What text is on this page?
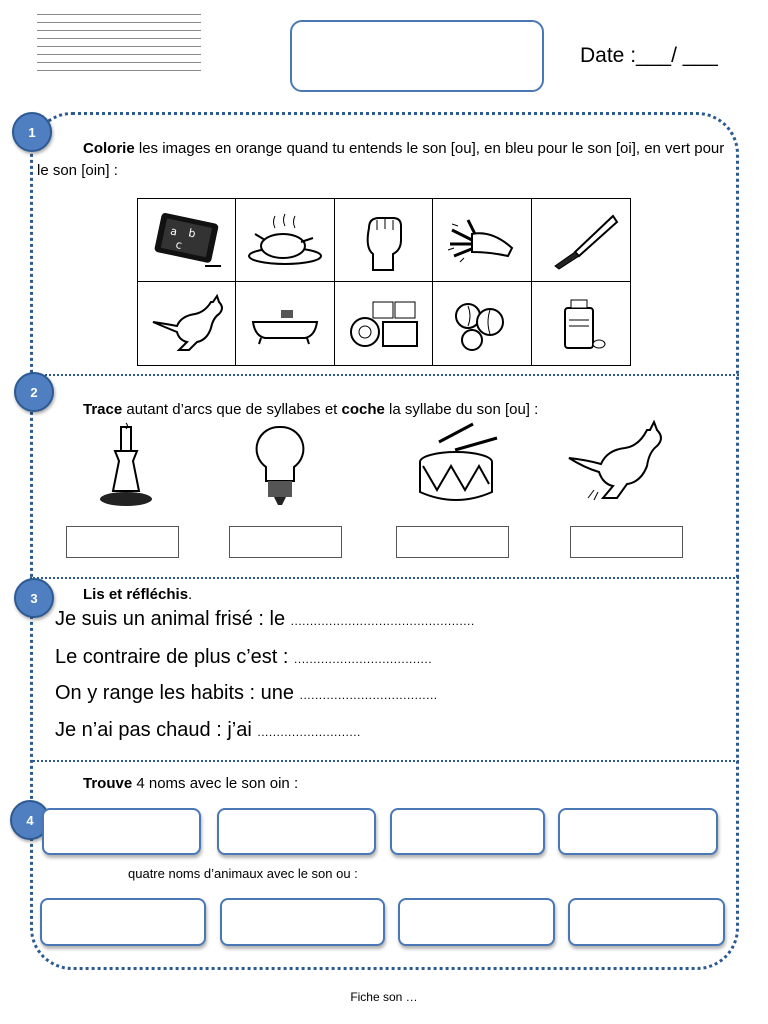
Date :___/ ___
1
Colorie les images en orange quand tu entends le son [ou], en bleu pour le son [oi], en vert pour le son [oin] :
a b
c
2
Trace autant d’arcs que de syllabes et coche la syllabe du son [ou] :
3	Lis et réfléchis.
Je suis un animal frisé : le ................................................
Le contraire de plus c’est : ....................................
On y range les habits : une ....................................
Je n’ai pas chaud : j’ai ...........................
Trouve 4 noms avec le son oin :
4
quatre noms d’animaux avec le son ou :
Fiche son …
